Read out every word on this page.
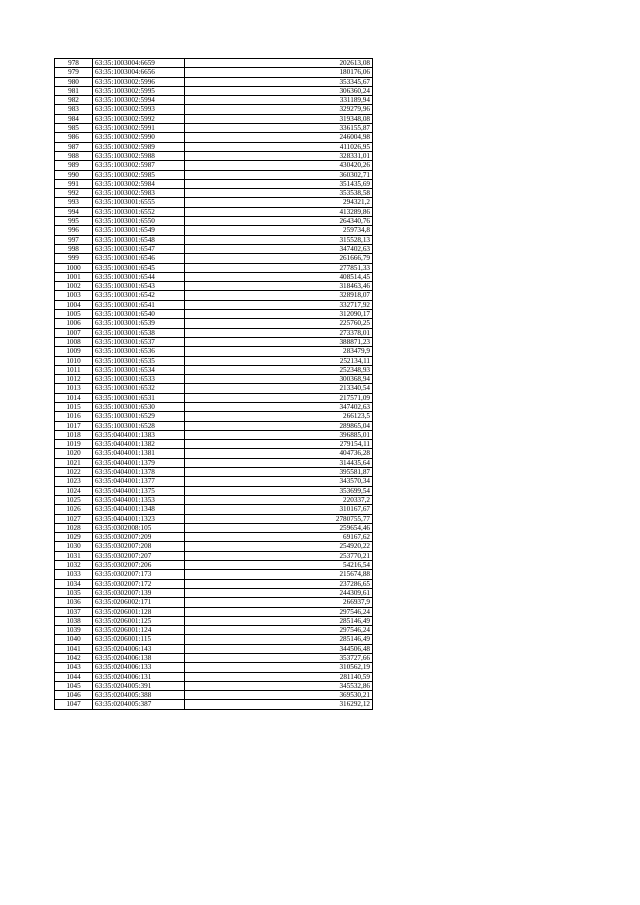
978	63:35:1003004:6659	202613,08
979	63:35:1003004:6656	180176,06
980	63:35:1003002:5996	353345,67
981	63:35:1003002:5995	306360,24
982	63:35:1003002:5994	331189,94
983	63:35:1003002:5993	329279,96
984	63:35:1003002:5992	319348,08
985	63:35:1003002:5991	336155,87
986	63:35:1003002:5990	246004,98
987	63:35:1003002:5989	411026,95
988	63:35:1003002:5988	328331,01
989	63:35:1003002:5987	430420,26
990	63:35:1003002:5985	360302,71
991	63:35:1003002:5984	351435,69
992	63:35:1003002:5983	353538,58
993	63:35:1003001:6555	294321,2
994	63:35:1003001:6552	413289,86
995	63:35:1003001:6550	264340,76
996	63:35:1003001:6549	259734,8
997	63:35:1003001:6548	315528,13
998	63:35:1003001:6547	347402,63
999	63:35:1003001:6546	261666,79
1000	63:35:1003001:6545	277851,33
1001	63:35:1003001:6544	408514,45
1002	63:35:1003001:6543	318463,46
1003	63:35:1003001:6542	328918,07
1004	63:35:1003001:6541	332717,92
1005	63:35:1003001:6540	312090,17
1006	63:35:1003001:6539	225760,25
1007	63:35:1003001:6538	273378,01
1008	63:35:1003001:6537	388871,23
1009	63:35:1003001:6536	283479,9
1010	63:35:1003001:6535	252134,11
1011	63:35:1003001:6534	252348,93
1012	63:35:1003001:6533	300368,94
1013	63:35:1003001:6532	213340,54
1014	63:35:1003001:6531	217571,09
1015	63:35:1003001:6530	347402,63
1016	63:35:1003001:6529	266123,5
1017	63:35:1003001:6528	289865,04
1018	63:35:0404001:1383	396885,01
1019	63:35:0404001:1382	279154,11
1020	63:35:0404001:1381	404736,28
1021	63:35:0404001:1379	314435,64
1022	63:35:0404001:1378	395581,87
1023	63:35:0404001:1377	343570,34
1024	63:35:0404001:1375	353699,54
1025	63:35:0404001:1353	220337,2
1026	63:35:0404001:1348	310167,67
1027	63:35:0404001:1323	2780755,77
1028	63:35:0302008:105	259654,46
1029	63:35:0302007:209	69167,62
1030	63:35:0302007:208	254920,22
1031	63:35:0302007:207	253770,21
1032	63:35:0302007:206	54216,54
1033	63:35:0302007:173	215674,88
1034	63:35:0302007:172	237286,65
1035	63:35:0302007:139	244309,61
1036	63:35:0206002:171	266937,9
1037	63:35:0206001:128	297546,24
1038	63:35:0206001:125	285146,49
1039	63:35:0206001:124	297546,24
1040	63:35:0206001:115	285146,49
1041	63:35:0204006:143	344506,48
1042	63:35:0204006:138	353727,66
1043	63:35:0204006:133	310562,19
1044	63:35:0204006:131	281140,59
1045	63:35:0204005:391	345532,86
1046	63:35:0204005:388	369530,21
1047	63:35:0204005:387	316292,12
